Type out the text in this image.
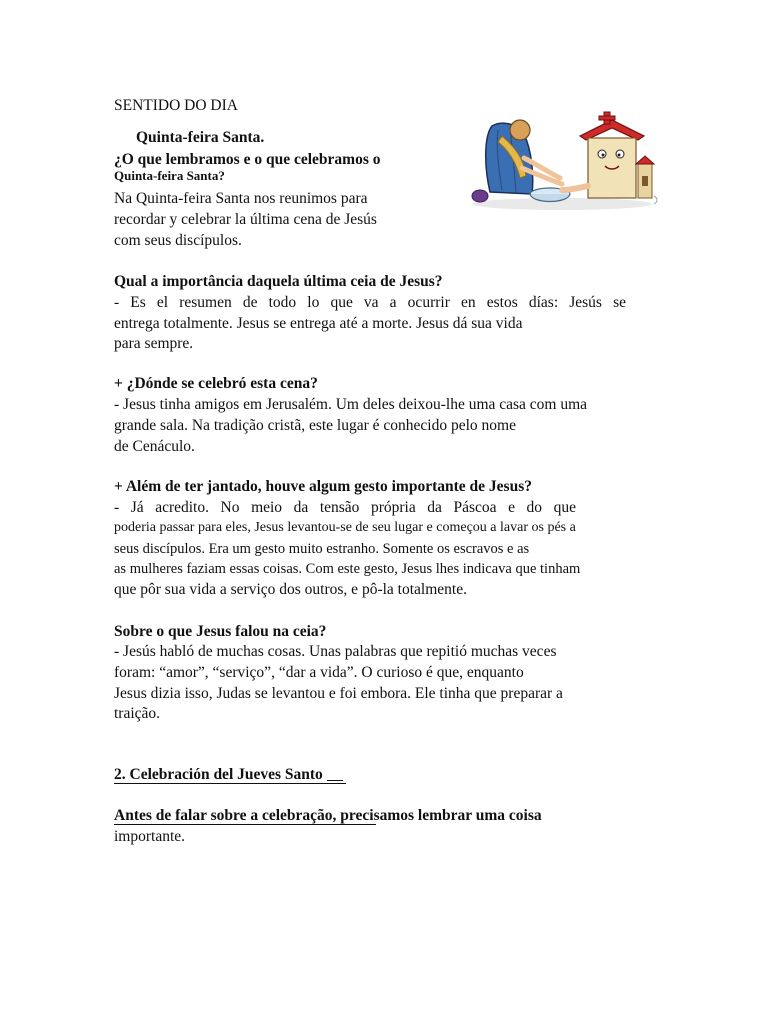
SENTIDO DO DIA
Quinta-feira Santa.
¿O que lembramos e o que celebramos o
Quinta-feira Santa?
Na Quinta-feira Santa nos reunimos para
recordar y celebrar la última cena de Jesús
com seus discípulos.
Qual a importância daquela última ceia de Jesus?
- Es el resumen de todo lo que va a ocurrir en estos días: Jesús se
entrega totalmente. Jesus se entrega até a morte. Jesus dá sua vida
para sempre.
+ ¿Dónde se celebró esta cena?
- Jesus tinha amigos em Jerusalém. Um deles deixou-lhe uma casa com uma
grande sala. Na tradição cristã, este lugar é conhecido pelo nome
de Cenáculo.
+ Além de ter jantado, houve algum gesto importante de Jesus?
- Já acredito. No meio da tensão própria da Páscoa e do que
poderia passar para eles, Jesus levantou-se de seu lugar e começou a lavar os pés a
seus discípulos. Era um gesto muito estranho. Somente os escravos e as
as mulheres faziam essas coisas. Com este gesto, Jesus lhes indicava que tinham
que pôr sua vida a serviço dos outros, e pô-la totalmente.
Sobre o que Jesus falou na ceia?
- Jesús habló de muchas cosas. Unas palabras que repitió muchas veces
foram: “amor”, “serviço”, “dar a vida”. O curioso é que, enquanto
Jesus dizia isso, Judas se levantou e foi embora. Ele tinha que preparar a
traição.
2. Celebración del Jueves Santo
Antes de falar sobre a celebração, precisamos lembrar uma coisa
importante.
